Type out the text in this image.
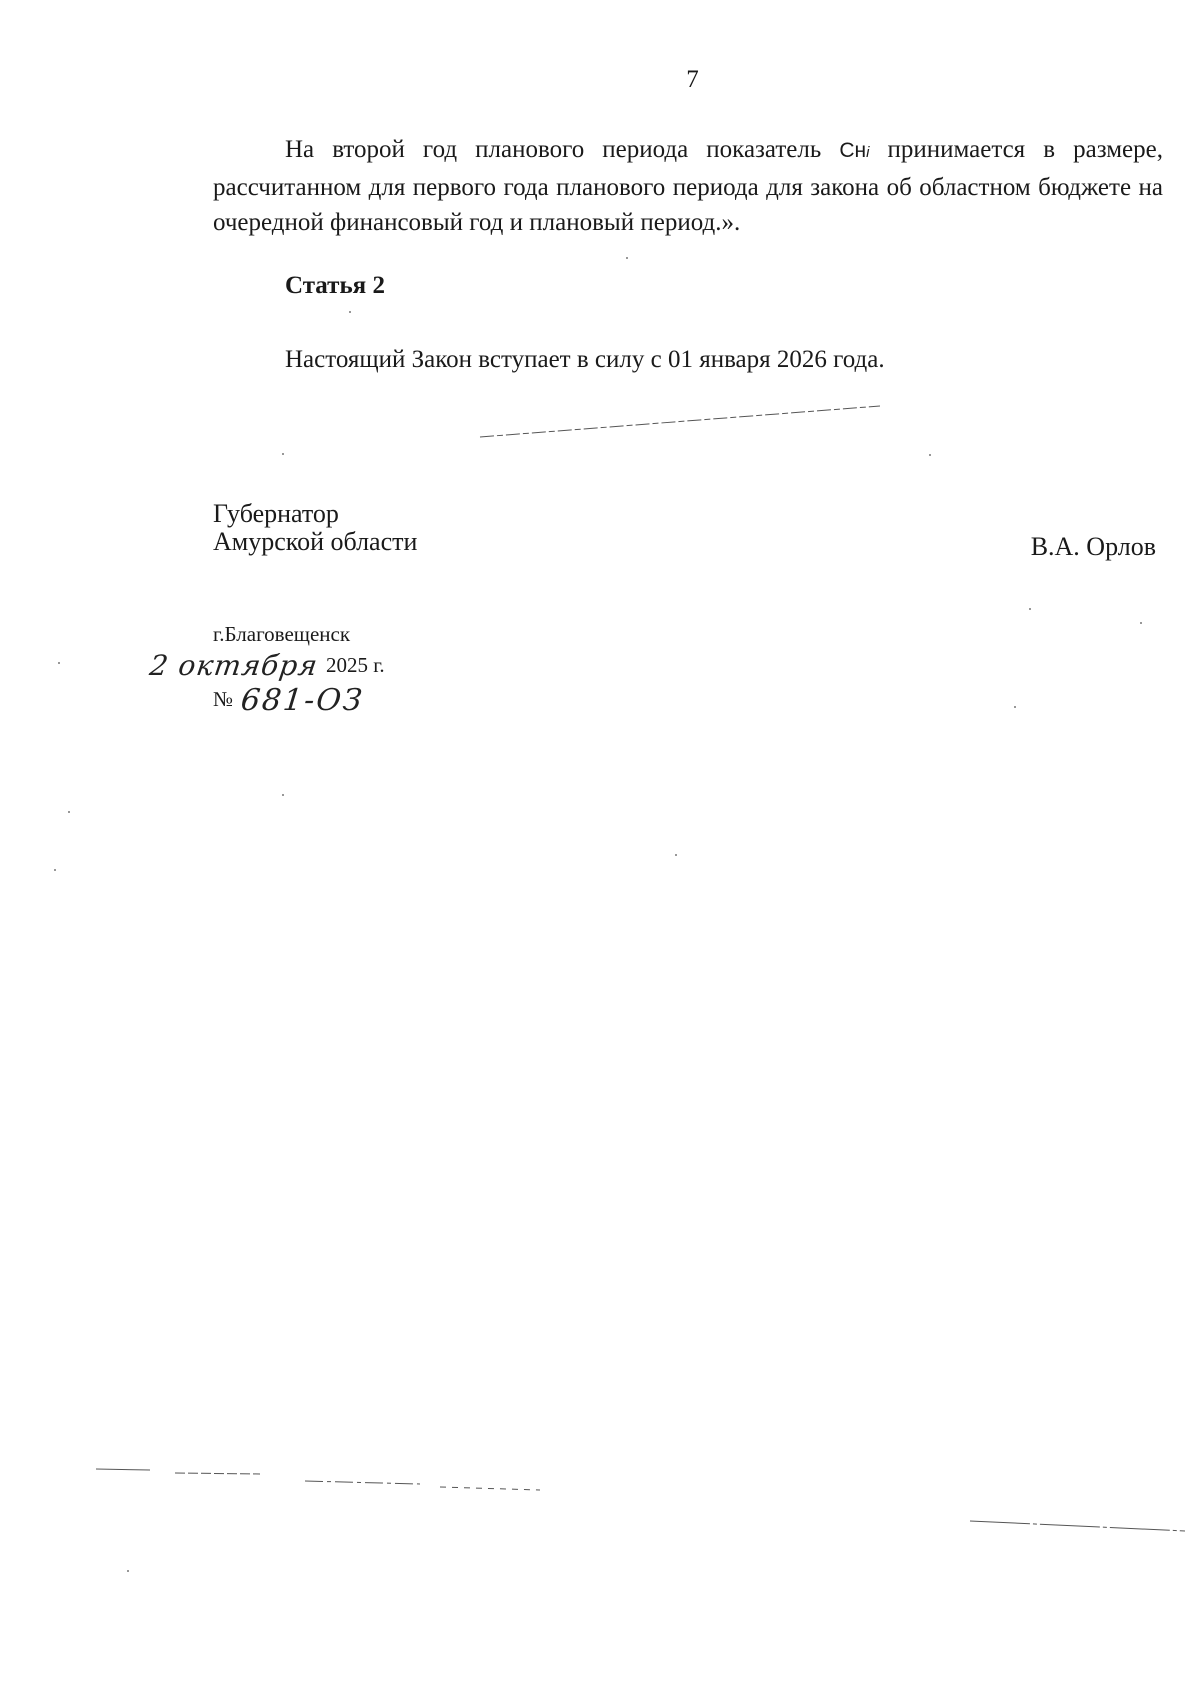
7

На второй год планового периода показатель Снi принимается в размере, рассчитанном для первого года планового периода для закона об областном бюджете на очередной финансовый год и плановый период.».

Статья 2

Настоящий Закон вступает в силу с 01 января 2026 года.

Губернатор
Амурской области	В.А. Орлов
г.Благовещенск
2 октября 2025 г.
№ 681-ОЗ
